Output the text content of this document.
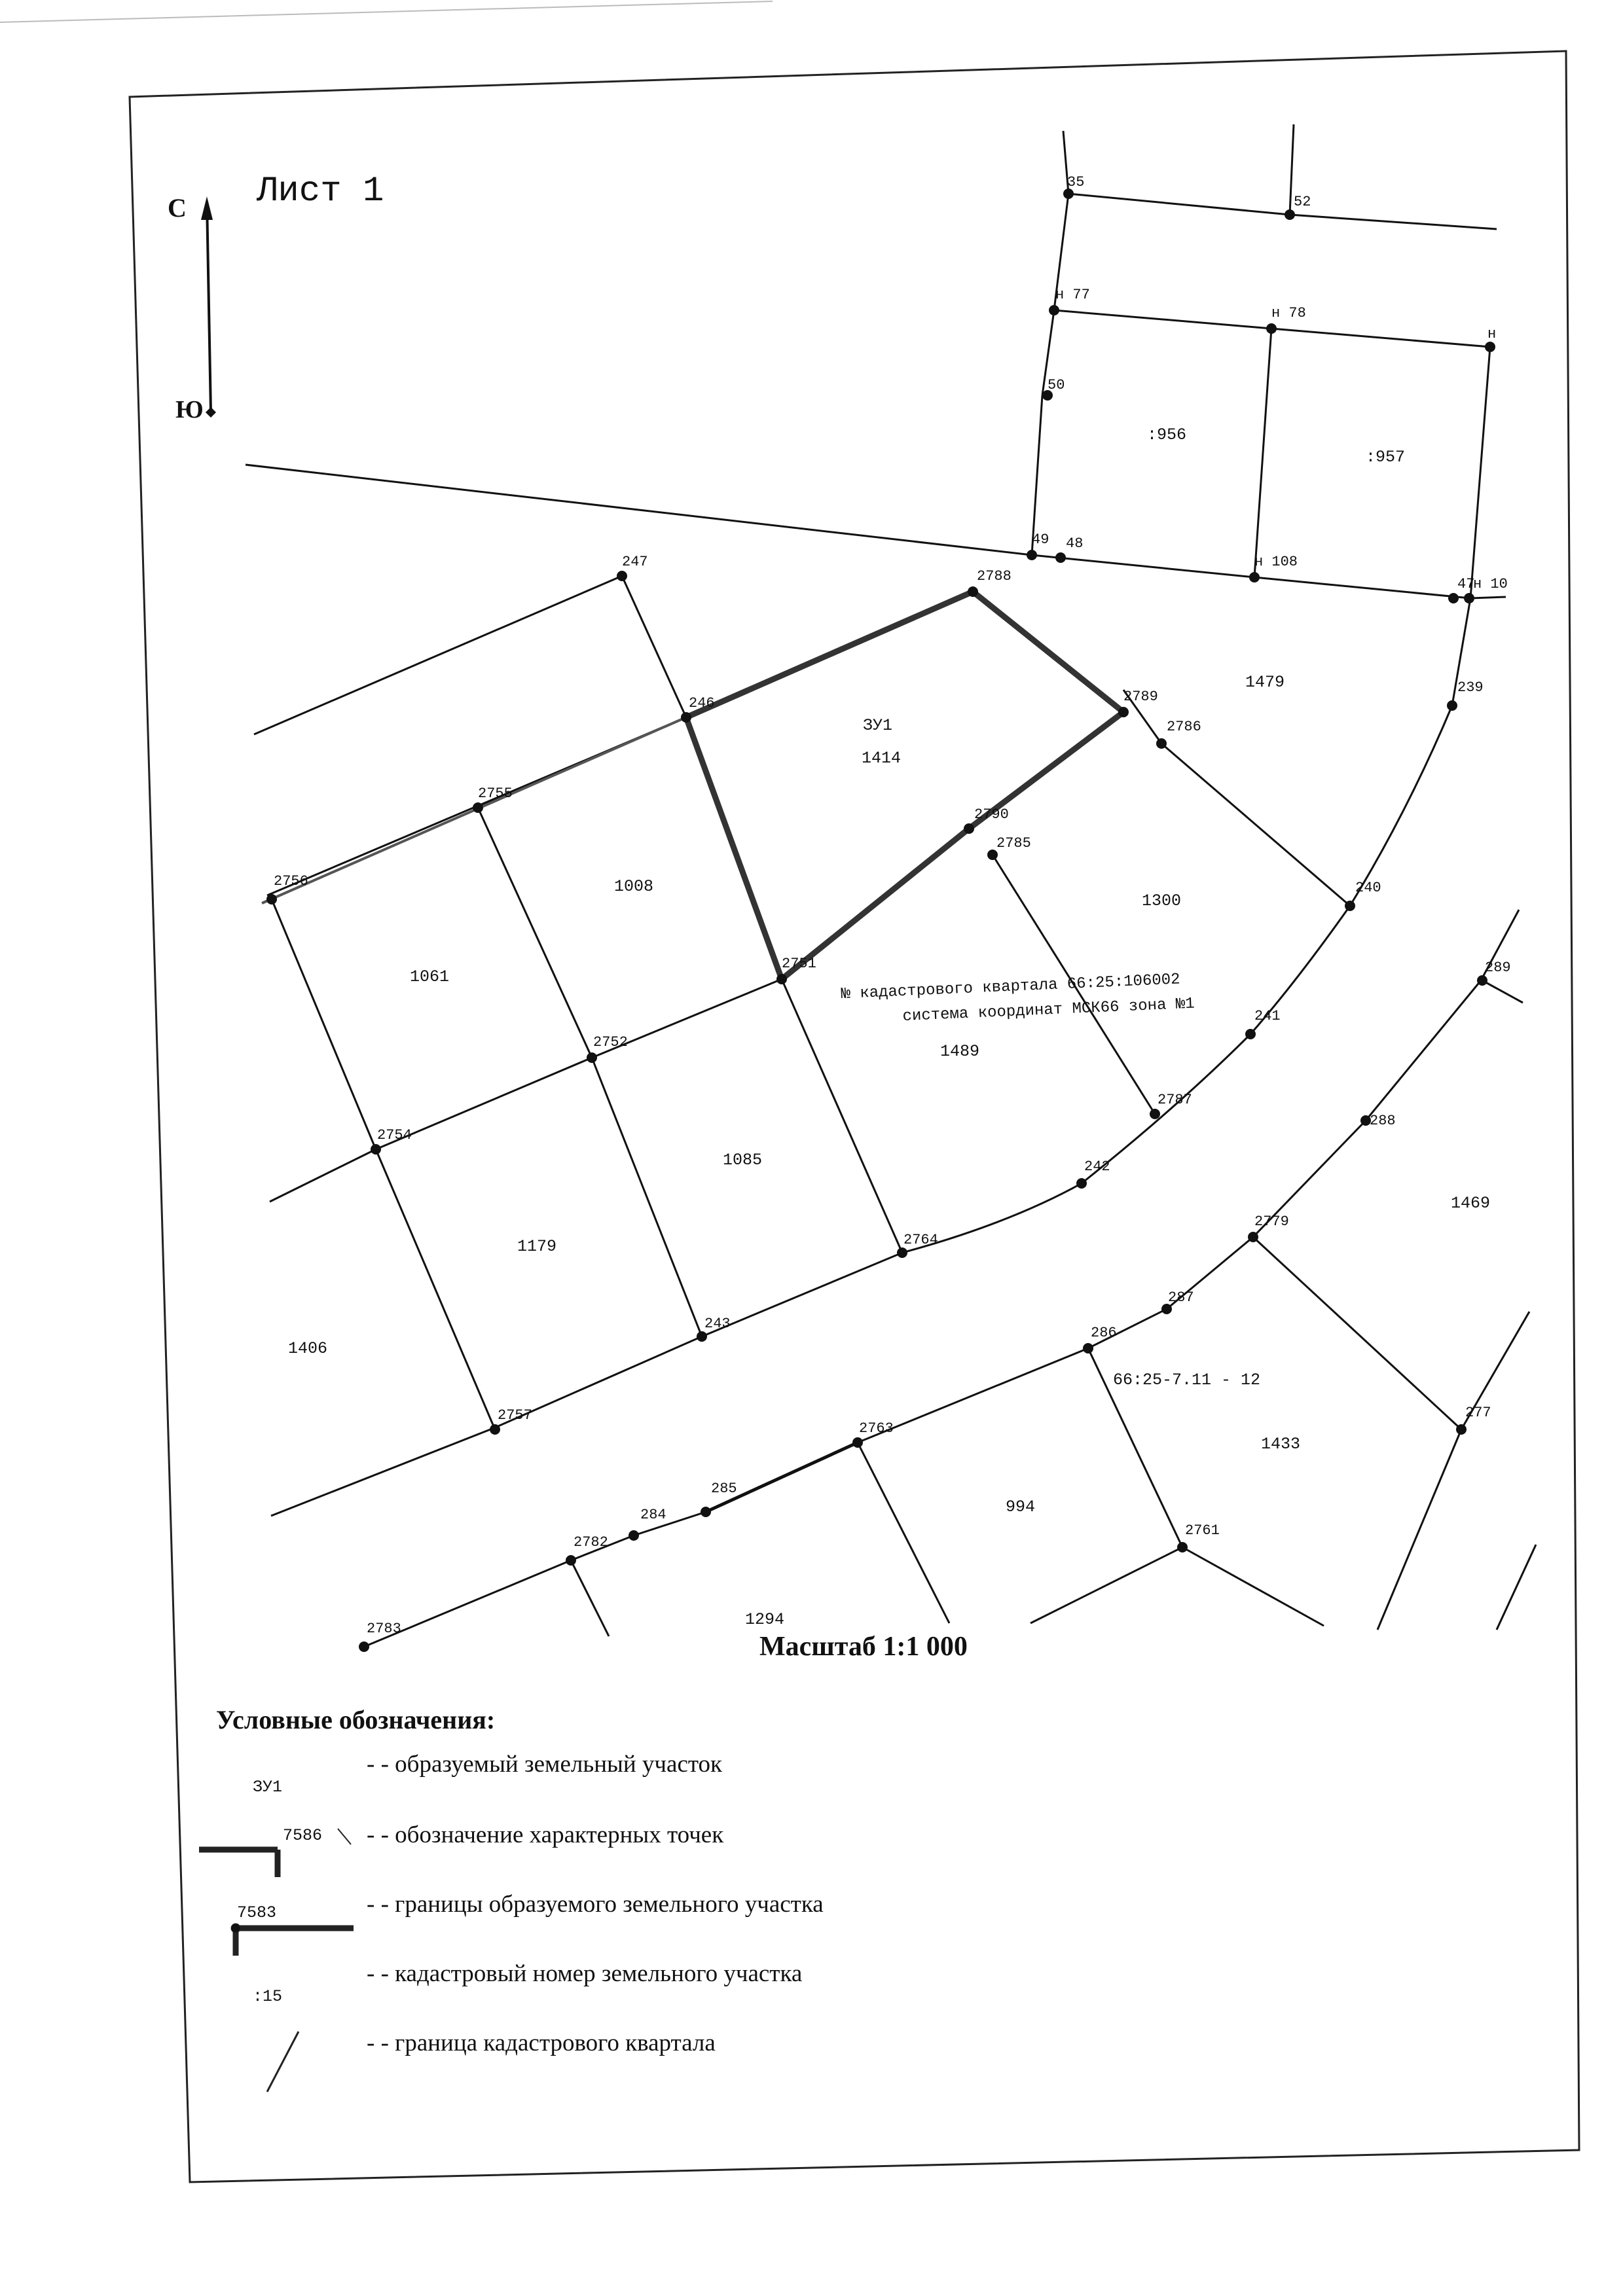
Лист 1
С
Ю
ЗУ1
1414
:956
:957
1479
1008
1061
1300
1489
1085
1179
1406
1469
1433
994
1294
66:25-7.11 - 12
№ кадастрового квартала 66:25:106002
система координат МСК66 зона №1
35
52
н 77
н 78
н
50
49 48
н 108
47
н 10
247
2788
246	2789
2786
239
2755
2756
2790
2785
240
2751
2752
241
289
2754
2787
288
242
2764
2779
243
287
286
277
2757
2763
285
284
2782
2761
2783
Масштаб 1:1 000
Условные обозначения:
ЗУ1
- - образуемый земельный участок
7586 - - обозначение характерных точек
7583	- - границы образуемого земельного участка
:15
- - кадастровый номер земельного участка
- - граница кадастрового квартала
